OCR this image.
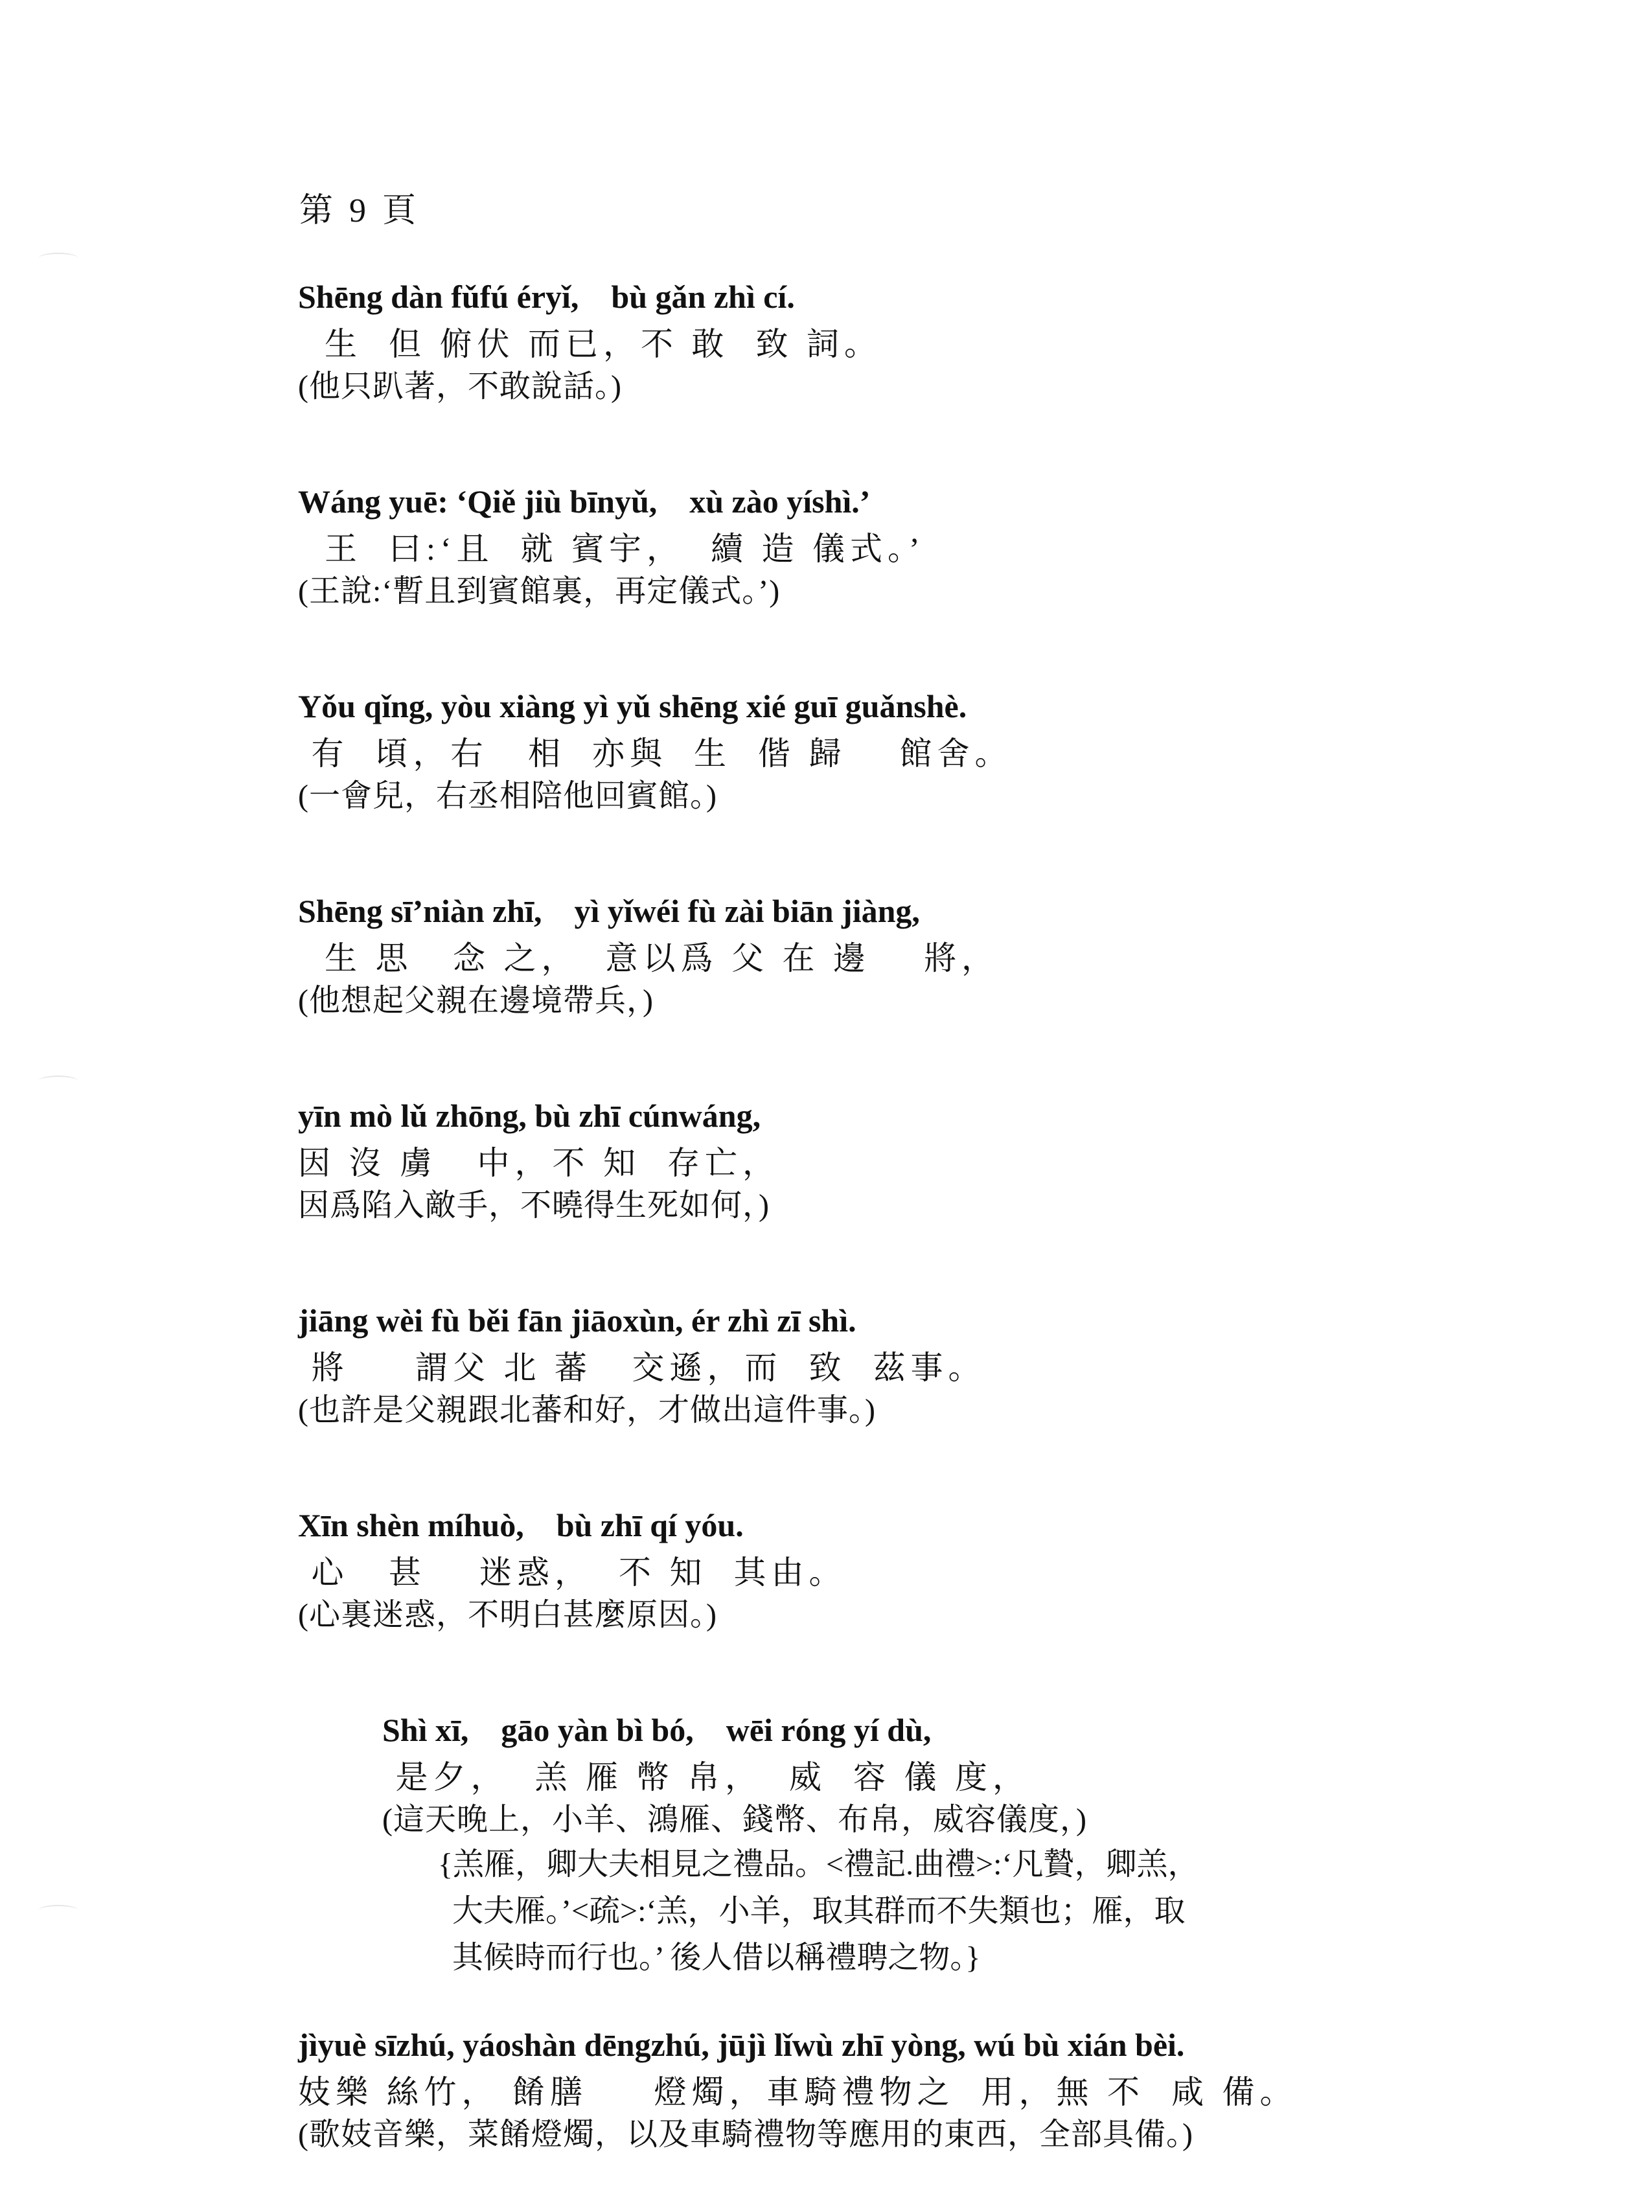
第 9 頁
Shēng dàn fǔfú éryǐ,    bù gǎn zhì cí.
生  但 俯伏 而已，不 敢  致 詞。
(他只趴著，不敢說話。)
Wáng yuē: ‘Qiě jiù bīnyǔ,    xù zào yíshì.’
王  曰:‘且  就 賓宇，  續 造 儀式。’
(王說:‘暫且到賓館裏，再定儀式。’)
Yǒu qǐng, yòu xiàng yì yǔ shēng xié guī guǎnshè.
有  頃，右   相  亦與  生  偕 歸    館舍。
(一會兒，右丞相陪他回賓館。)
Shēng sī’niàn zhī,    yì yǐwéi fù zài biān jiàng,
生 思   念 之，  意以爲 父 在 邊    將，
(他想起父親在邊境帶兵，)
yīn mò lǔ zhōng, bù zhī cúnwáng,
因 沒 虜   中，不 知  存亡，
因爲陷入敵手，不曉得生死如何，)
jiāng wèi fù běi fān jiāoxùn, ér zhì zī shì.
將     謂父 北 蕃   交遜，而  致  茲事。
(也許是父親跟北蕃和好，才做出這件事。)
Xīn shèn míhuò,    bù zhī qí yóu.
心   甚    迷惑，  不 知  其由。
(心裏迷惑，不明白甚麼原因。)
Shì xī,    gāo yàn bì bó,    wēi róng yí dù,
是夕，  羔 雁 幣 帛，  威  容 儀 度，
(這天晚上，小羊、鴻雁、錢幣、布帛，威容儀度，)
{羔雁，卿大夫相見之禮品。<禮記.曲禮>:‘凡贄，卿羔，
大夫雁。’<疏>:‘羔，小羊，取其群而不失類也；雁，取
其候時而行也。’ 後人借以稱禮聘之物。}
jìyuè sīzhú, yáoshàn dēngzhú, jūjì lǐwù zhī yòng, wú bù xián bèi.
妓樂 絲竹， 餚膳     燈燭，車騎禮物之  用，無 不  咸 備。
(歌妓音樂，菜餚燈燭，以及車騎禮物等應用的東西，全部具備。)
